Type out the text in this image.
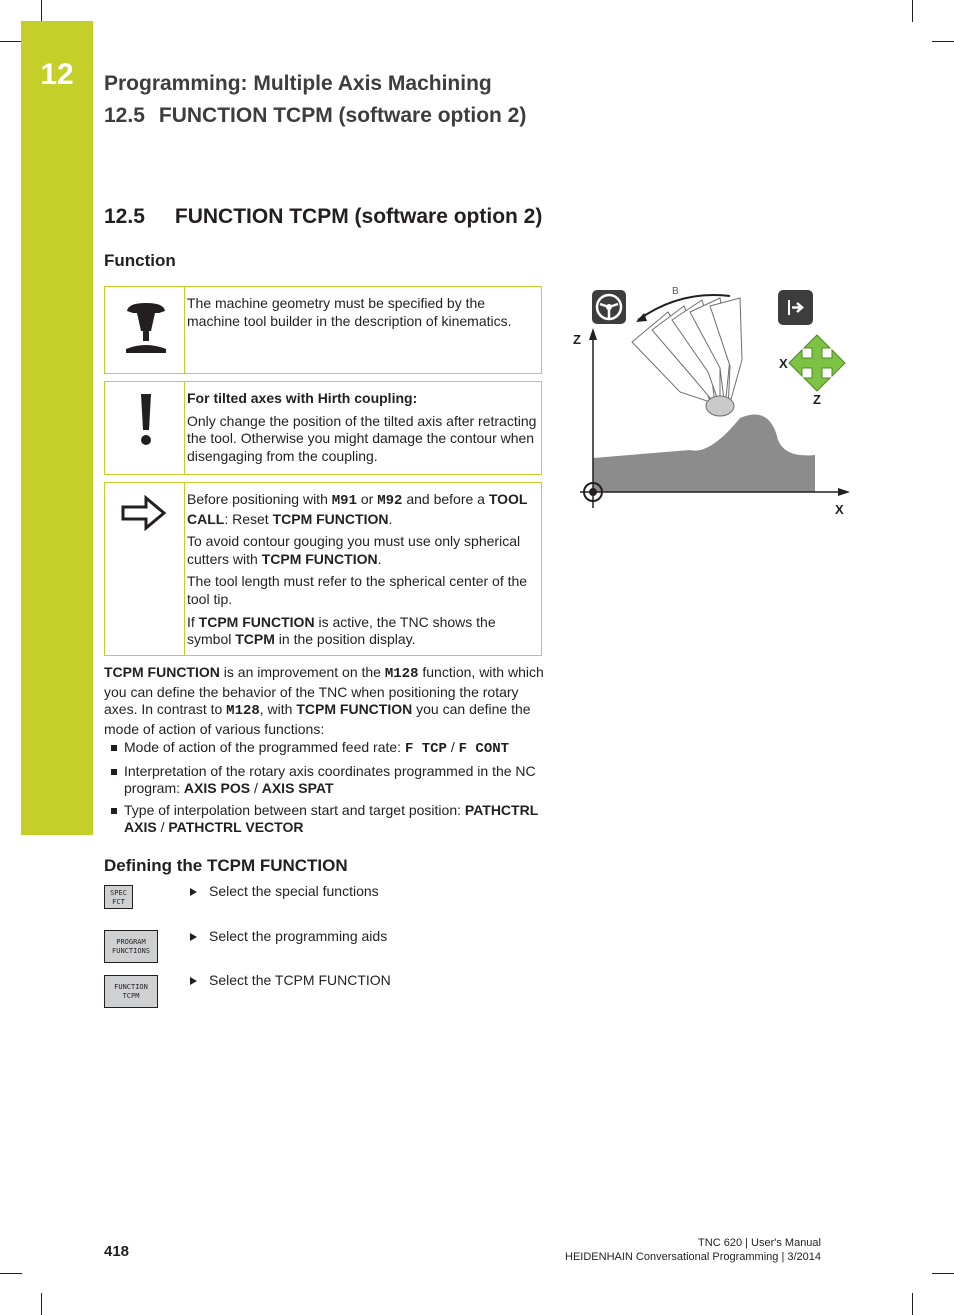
12	Programming: Multiple Axis Machining
12.5 FUNCTION TCPM (software option 2)
12.5 FUNCTION TCPM (software option 2)
Function
The machine geometry must be specified by the machine tool builder in the description of kinematics.

For tilted axes with Hirth coupling:

Only change the position of the tilted axis after retracting the tool. Otherwise you might damage the contour when disengaging from the coupling.

Before positioning with M91 or M92 and before a TOOL CALL: Reset TCPM FUNCTION.

To avoid contour gouging you must use only spherical cutters with TCPM FUNCTION.

The tool length must refer to the spherical center of the tool tip.

If TCPM FUNCTION is active, the TNC shows the symbol TCPM in the position display.

B
Z
X
X
Z

TCPM FUNCTION is an improvement on the M128 function, with which you can define the behavior of the TNC when positioning the rotary axes. In contrast to M128, with TCPM FUNCTION you can define the mode of action of various functions:

Mode of action of the programmed feed rate: F TCP / F CONT
Interpretation of the rotary axis coordinates programmed in the NC program: AXIS POS / AXIS SPAT
Type of interpolation between start and target position: PATHCTRL AXIS / PATHCTRL VECTOR
Defining the TCPM FUNCTION
SPEC
FCT
Select the special functions
PROGRAM
FUNCTIONS
Select the programming aids
FUNCTION
TCPM
Select the TCPM FUNCTION
418	TNC 620 | User's Manual
HEIDENHAIN Conversational Programming | 3/2014
